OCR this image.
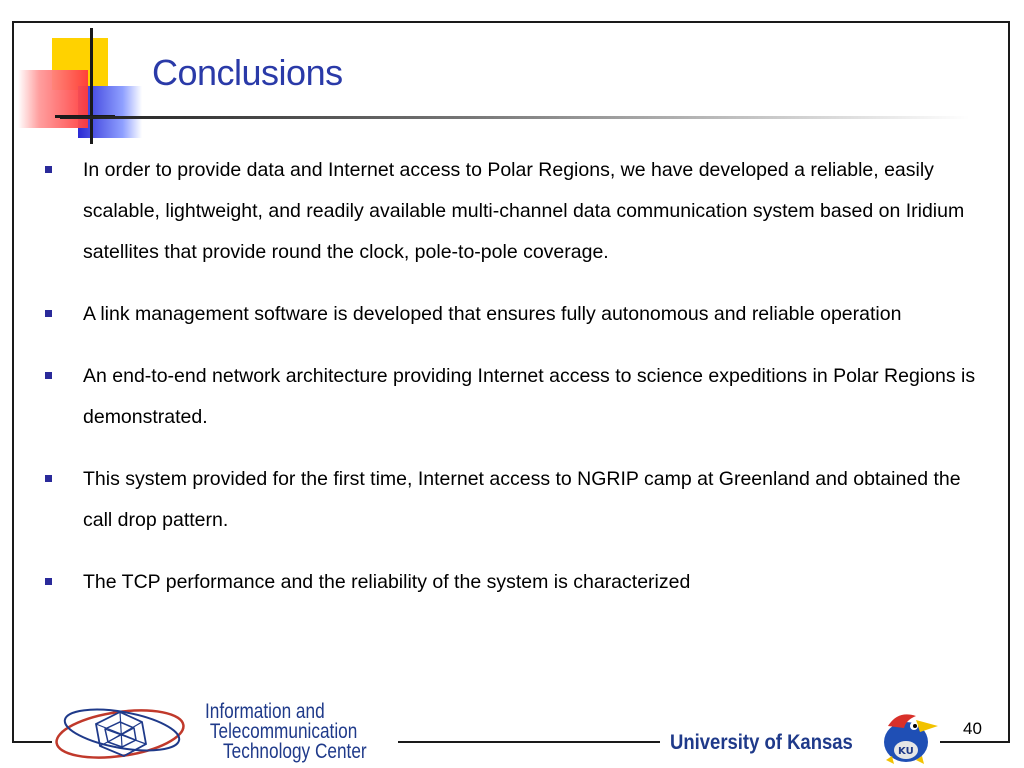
Conclusions
In order to provide data and Internet access to Polar Regions, we have developed a reliable, easily scalable, lightweight, and readily available multi-channel data communication system based on Iridium satellites that provide round the clock, pole-to-pole coverage.
A link management software is developed that ensures fully autonomous and reliable operation
An end-to-end network architecture providing Internet access to science expeditions in Polar Regions is demonstrated.
This system provided for the first time, Internet access to NGRIP camp at Greenland and obtained the call drop pattern.
The TCP performance and the reliability of the system is characterized
Information and
Telecommunication
Technology Center	University of Kansas	KU
40
